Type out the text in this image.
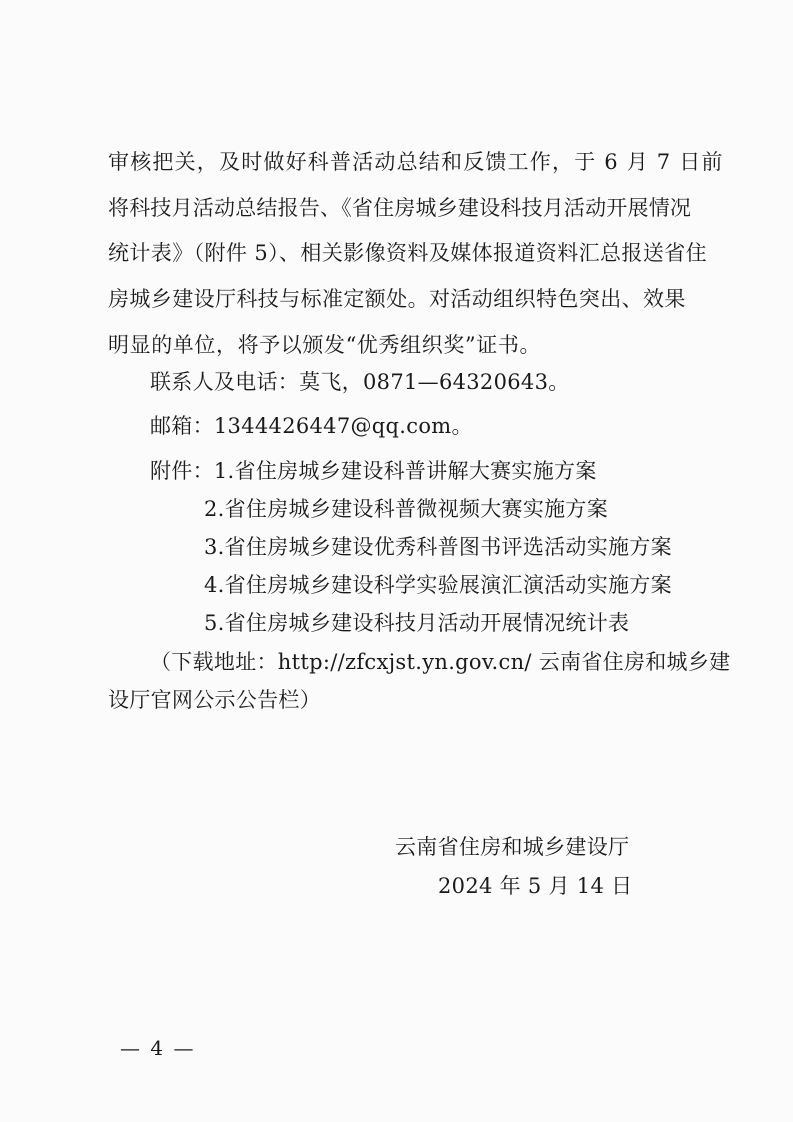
审核把关，及时做好科普活动总结和反馈工作，于 6 月 7 日前
将科技月活动总结报告、《省住房城乡建设科技月活动开展情况
统计表》（附件 5）、相关影像资料及媒体报道资料汇总报送省住
房城乡建设厅科技与标准定额处。对活动组织特色突出、效果
明显的单位，将予以颁发“优秀组织奖”证书。
联系人及电话：莫飞，0871—64320643。
邮箱：1344426447@qq.com。
附件：1.省住房城乡建设科普讲解大赛实施方案
2.省住房城乡建设科普微视频大赛实施方案
3.省住房城乡建设优秀科普图书评选活动实施方案
4.省住房城乡建设科学实验展演汇演活动实施方案
5.省住房城乡建设科技月活动开展情况统计表
（下载地址：http://zfcxjst.yn.gov.cn/ 云南省住房和城乡建
设厅官网公示公告栏）
云南省住房和城乡建设厅
2024 年 5 月 14 日
— 4 —
